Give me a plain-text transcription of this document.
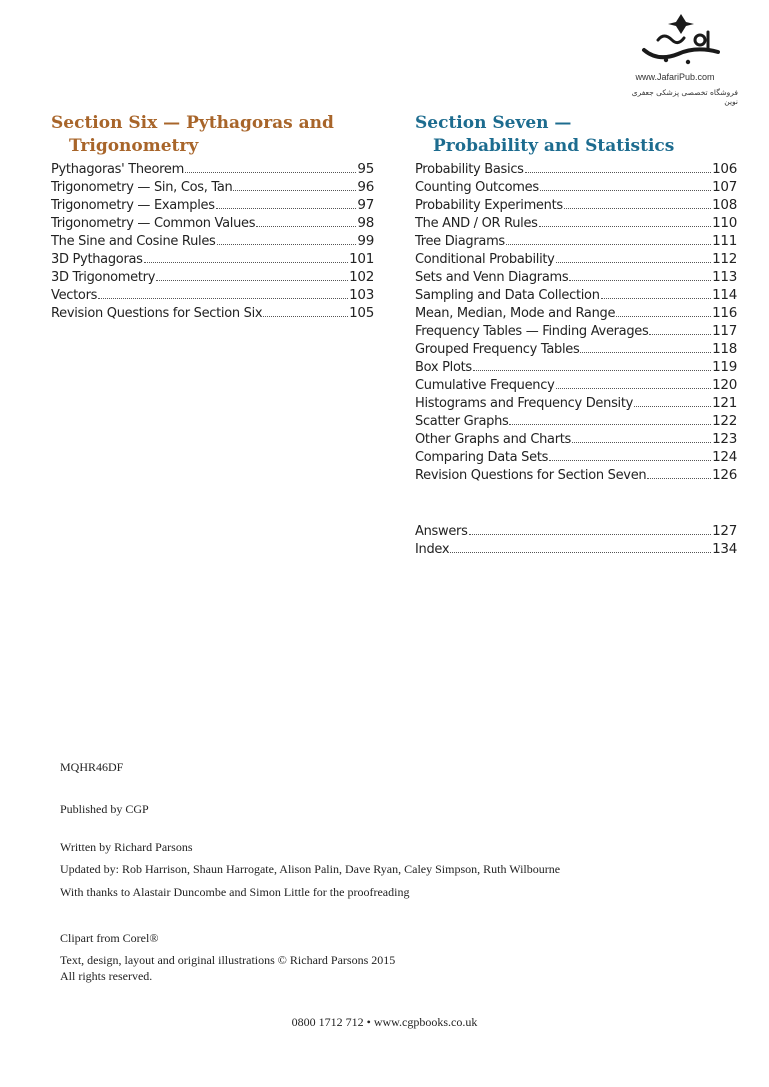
www.JafariPub.com
فروشگاه تخصصی پزشکی جعفری نوین
Section Six — Pythagoras and
Trigonometry
Pythagoras' Theorem	95
Trigonometry — Sin, Cos, Tan	96
Trigonometry — Examples	97
Trigonometry — Common Values	98
The Sine and Cosine Rules	99
3D Pythagoras	101
3D Trigonometry	102
Vectors	103
Revision Questions for Section Six	105
Section Seven —
Probability and Statistics
Probability Basics	106
Counting Outcomes	107
Probability Experiments	108
The AND / OR Rules	110
Tree Diagrams	111
Conditional Probability	112
Sets and Venn Diagrams	113
Sampling and Data Collection	114
Mean, Median, Mode and Range	116
Frequency Tables — Finding Averages	117
Grouped Frequency Tables	118
Box Plots	119
Cumulative Frequency	120
Histograms and Frequency Density	121
Scatter Graphs	122
Other Graphs and Charts	123
Comparing Data Sets	124
Revision Questions for Section Seven	126
Answers	127
Index	134
MQHR46DF
Published by CGP
Written by Richard Parsons
Updated by: Rob Harrison, Shaun Harrogate, Alison Palin, Dave Ryan, Caley Simpson, Ruth Wilbourne
With thanks to Alastair Duncombe and Simon Little for the proofreading
Clipart from Corel®
Text, design, layout and original illustrations © Richard Parsons 2015
All rights reserved.
0800 1712 712 • www.cgpbooks.co.uk
